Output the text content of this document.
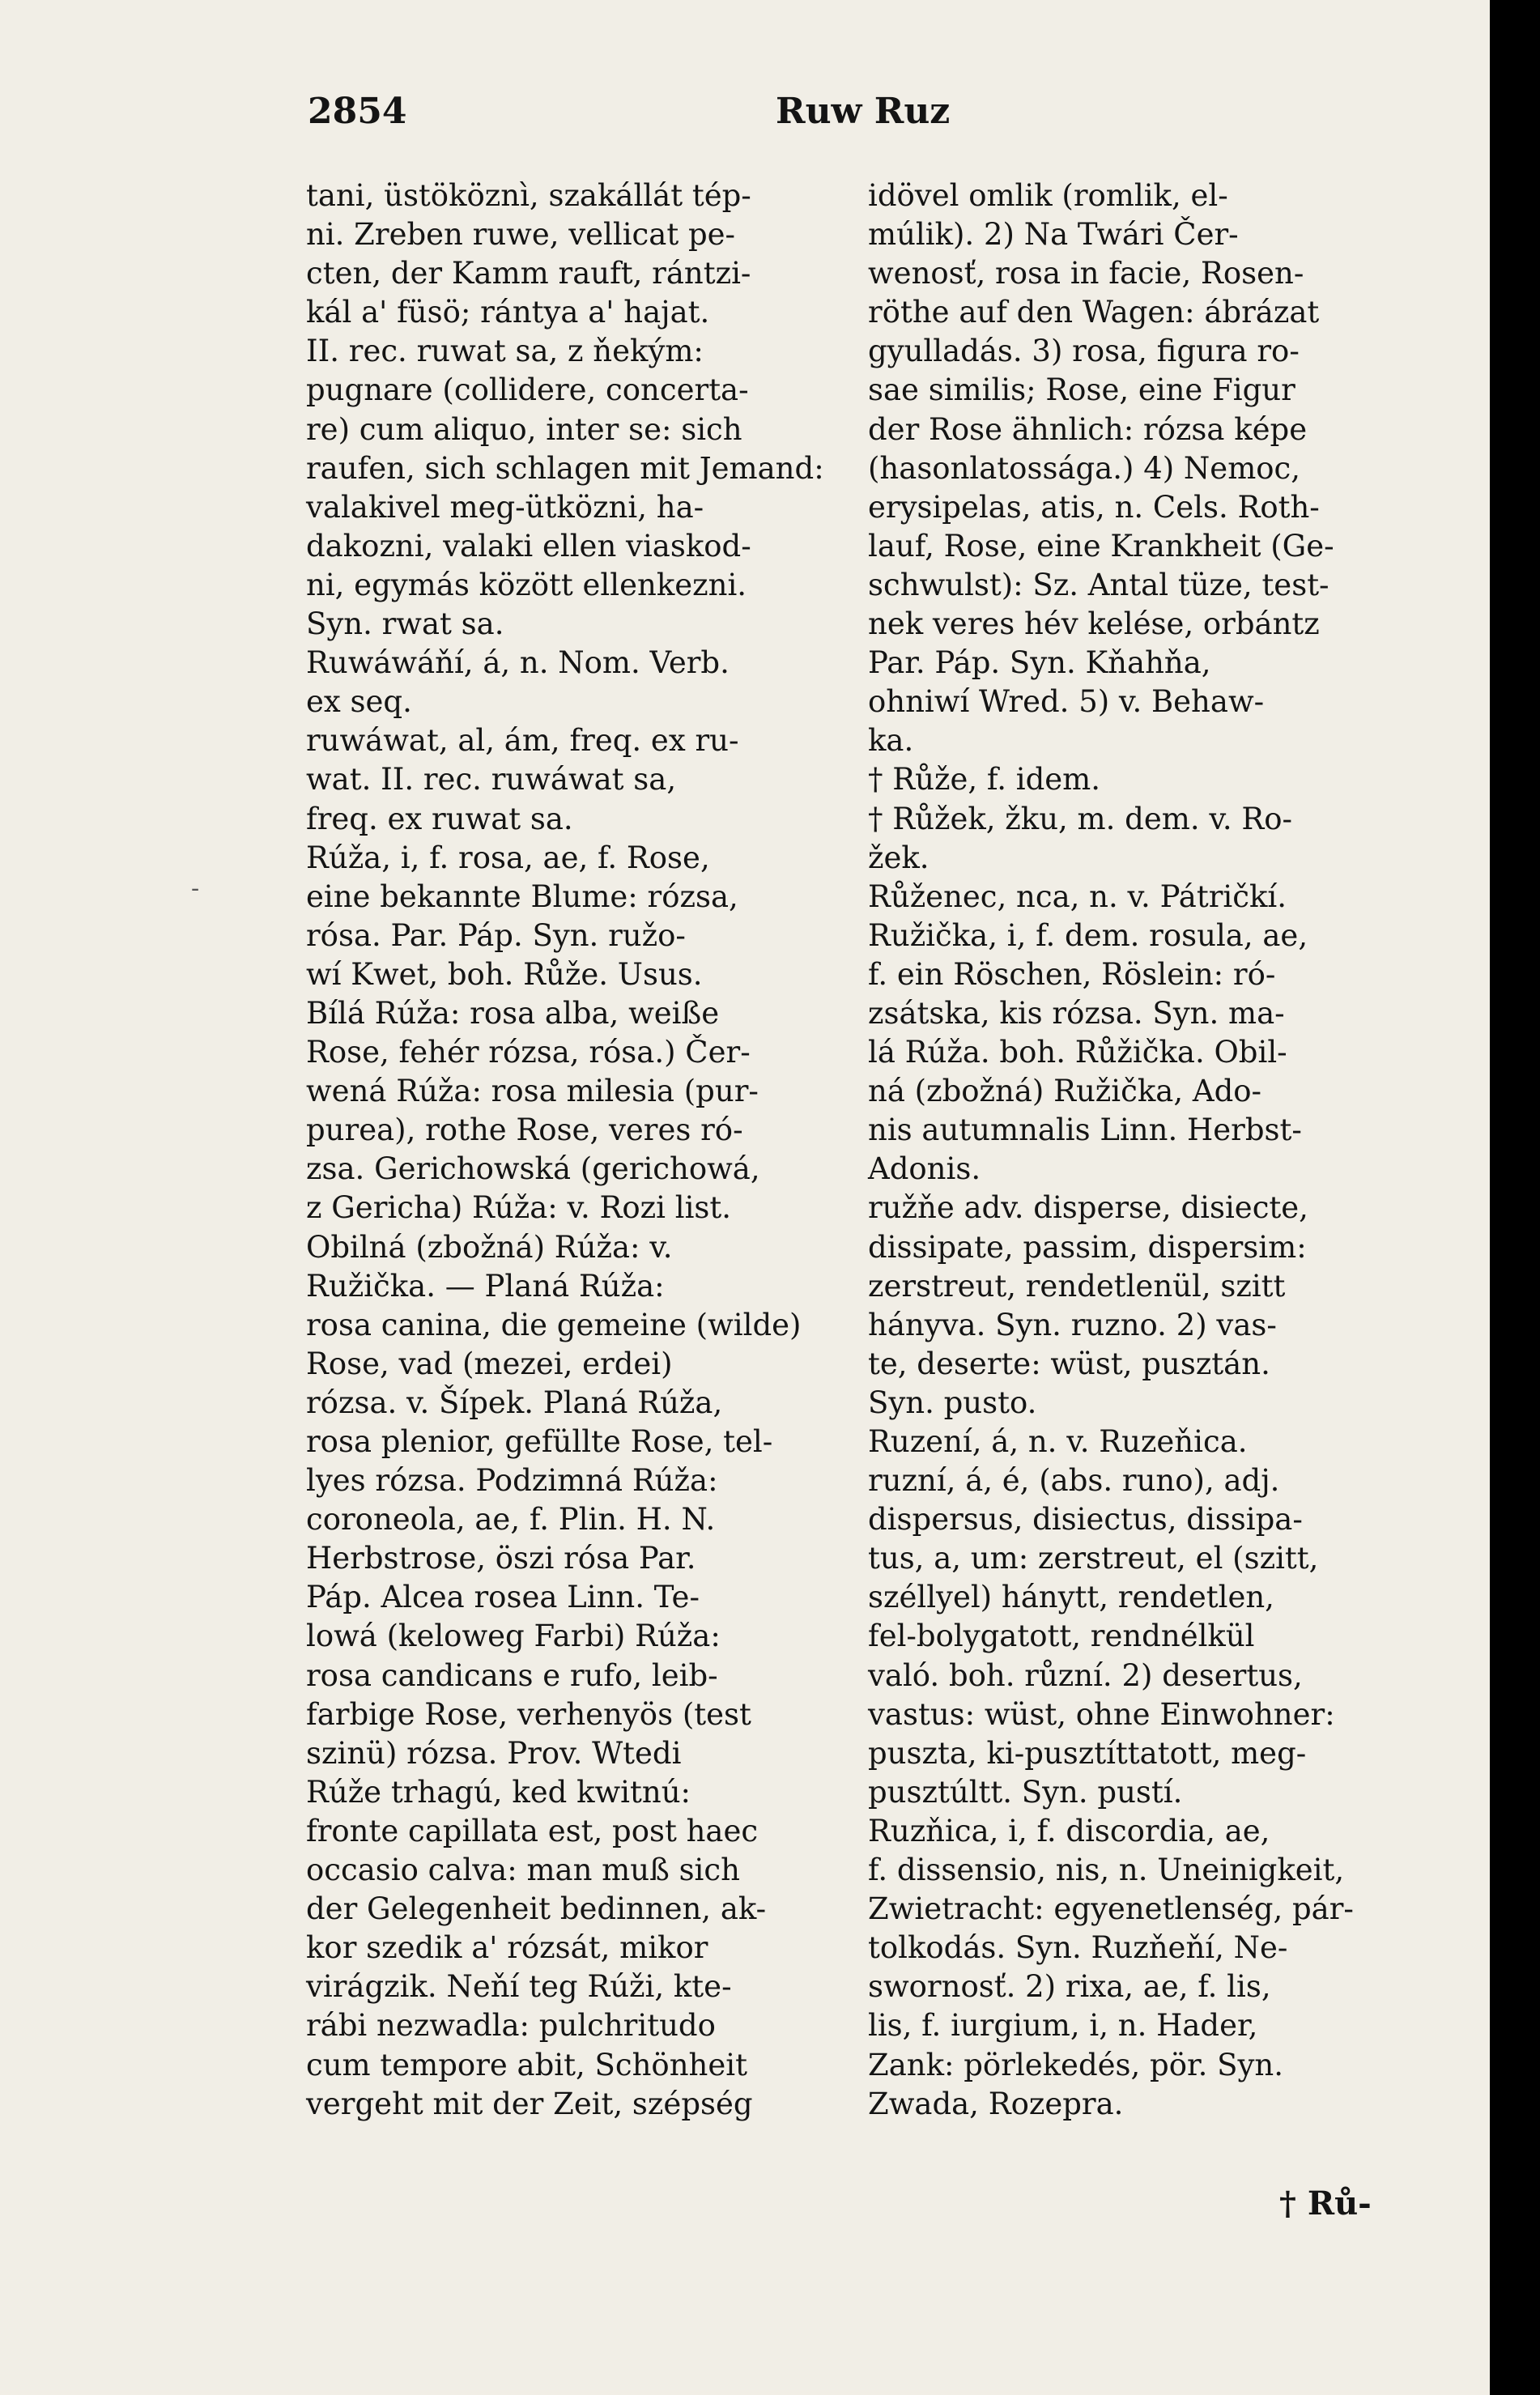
2854	Ruw Ruz
tani, üstököznì, szakállát tép-
ni. Zreben ruwe, vellicat pe-
cten, der Kamm rauft, rántzi-
kál a' füsö; rántya a' hajat.
II. rec. ruwat sa, z ňekým:
pugnare (collidere, concerta-
re) cum aliquo, inter se: sich
raufen, sich schlagen mit Jemand:
valakivel meg-ütközni, ha-
dakozni, valaki ellen viaskod-
ni, egymás között ellenkezni.
Syn. rwat sa.
Ruwáwáňí, á, n. Nom. Verb.
ex seq.
ruwáwat, al, ám, freq. ex ru-
wat. II. rec. ruwáwat sa,
freq. ex ruwat sa.
Rúža, i, f. rosa, ae, f. Rose,
eine bekannte Blume: rózsa,
rósa. Par. Páp. Syn. ružo-
wí Kwet, boh. Růže. Usus.
Bílá Rúža: rosa alba, weiße
Rose, fehér rózsa, rósa.) Čer-
wená Rúža: rosa milesia (pur-
purea), rothe Rose, veres ró-
zsa. Gerichowská (gerichowá,
z Gericha) Rúža: v. Rozi list.
Obilná (zbožná) Rúža: v.
Ružička. — Planá Rúža:
rosa canina, die gemeine (wilde)
Rose, vad (mezei, erdei)
rózsa. v. Šípek. Planá Rúža,
rosa plenior, gefüllte Rose, tel-
lyes rózsa. Podzimná Rúža:
coroneola, ae, f. Plin. H. N.
Herbstrose, öszi rósa Par.
Páp. Alcea rosea Linn. Te-
lowá (keloweg Farbi) Rúža:
rosa candicans e rufo, leib-
farbige Rose, verhenyös (test
szinü) rózsa. Prov. Wtedi
Rúže trhagú, ked kwitnú:
fronte capillata est, post haec
occasio calva: man muß sich
der Gelegenheit bedinnen, ak-
kor szedik a' rózsát, mikor
virágzik. Neňí teg Rúži, kte-
rábi nezwadla: pulchritudo
cum tempore abit, Schönheit
vergeht mit der Zeit, szépség
idövel omlik (romlik, el-
múlik). 2) Na Twári Čer-
wenosť, rosa in facie, Rosen-
röthe auf den Wagen: ábrázat
gyulladás. 3) rosa, figura ro-
sae similis; Rose, eine Figur
der Rose ähnlich: rózsa képe
(hasonlatossága.) 4) Nemoc,
erysipelas, atis, n. Cels. Roth-
lauf, Rose, eine Krankheit (Ge-
schwulst): Sz. Antal tüze, test-
nek veres hév kelése, orbántz
Par. Páp. Syn. Kňahňa,
ohniwí Wred. 5) v. Behaw-
ka.
† Růže, f. idem.
† Růžek, žku, m. dem. v. Ro-
žek.
Růženec, nca, n. v. Pátričkí.
Ružička, i, f. dem. rosula, ae,
f. ein Röschen, Röslein: ró-
zsátska, kis rózsa. Syn. ma-
lá Rúža. boh. Růžička. Obil-
ná (zbožná) Ružička, Ado-
nis autumnalis Linn. Herbst-
Adonis.
ružňe adv. disperse, disiecte,
dissipate, passim, dispersim:
zerstreut, rendetlenül, szitt
hányva. Syn. ruzno. 2) vas-
te, deserte: wüst, pusztán.
Syn. pusto.
Ruzení, á, n. v. Ruzeňica.
ruzní, á, é, (abs. runo), adj.
dispersus, disiectus, dissipa-
tus, a, um: zerstreut, el (szitt,
széllyel) hánytt, rendetlen,
fel-bolygatott, rendnélkül
való. boh. různí. 2) desertus,
vastus: wüst, ohne Einwohner:
puszta, ki-pusztíttatott, meg-
pusztúltt. Syn. pustí.
Ruzňica, i, f. discordia, ae,
f. dissensio, nis, n. Uneinigkeit,
Zwietracht: egyenetlenség, pár-
tolkodás. Syn. Ruzňeňí, Ne-
swornosť. 2) rixa, ae, f. lis,
lis, f. iurgium, i, n. Hader,
Zank: pörlekedés, pör. Syn.
Zwada, Rozepra.
† Rů-
-
